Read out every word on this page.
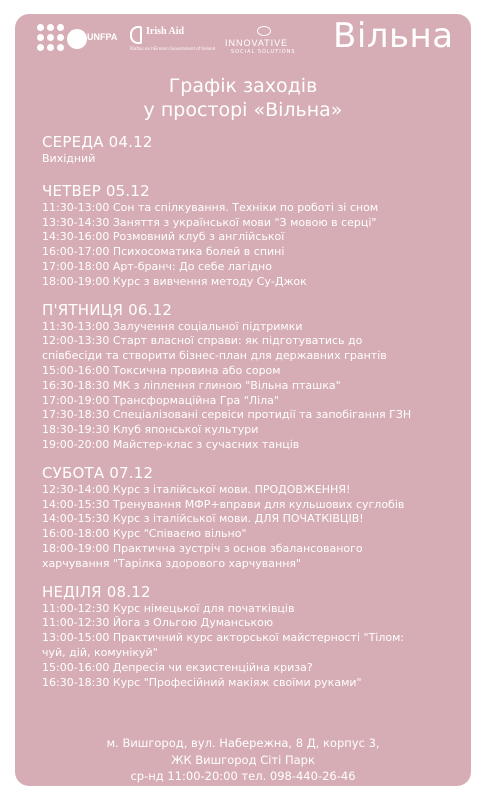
UNFPA	Irish Aid
Rialtas na hÉireann Government of Ireland
INNOVATIVE
SOCIAL SOLUTIONS Вільна
Графік заходів
у просторі «Вільна»
СЕРЕДА 04.12
Вихідний
ЧЕТВЕР 05.12
11:30-13:00 Сон та спілкування. Техніки по роботі зі сном
13:30-14:30 Заняття з української мови "З мовою в серці"
14:30-16:00 Розмовний клуб з англійської
16:00-17:00 Психосоматика болей в спині
17:00-18:00 Арт-бранч: До себе лагідно
18:00-19:00 Курс з вивчення методу Су-Джок
П'ЯТНИЦЯ 06.12
11:30-13:00 Залучення соціальної підтримки
12:00-13:30 Старт власної справи: як підготуватись до
співбесіди та створити бізнес-план для державних грантів
15:00-16:00 Токсична провина або сором
16:30-18:30 МК з ліплення глиною "Вільна пташка"
17:00-19:00 Трансформаційна Гра "Ліла"
17:30-18:30 Спеціалізовані сервіси протидії та запобігання ГЗН
18:30-19:30 Клуб японської культури
19:00-20:00 Майстер-клас з сучасних танців
СУБОТА 07.12
12:30-14:00 Курс з італійської мови. ПРОДОВЖЕННЯ!
14:00-15:30 Тренування МФР+вправи для кульшових суглобів
14:00-15:30 Курс з італійської мови. ДЛЯ ПОЧАТКІВЦІВ!
16:00-18:00 Курс "Співаємо вільно"
18:00-19:00 Практична зустріч з основ збалансованого
харчування "Тарілка здорового харчування"
НЕДІЛЯ 08.12
11:00-12:30 Курс німецької для початківців
11:00-12:30 Йога з Ольгою Думанською
13:00-15:00 Практичний курс акторської майстерності "Тілом:
чуй, дій, комунікуй"
15:00-16:00 Депресія чи екзистенційна криза?
16:30-18:30 Курс "Професійний макіяж своїми руками"
м. Вишгород, вул. Набережна, 8 Д, корпус 3,
ЖК Вишгород Сіті Парк
ср-нд 11:00-20:00 тел. 098-440-26-46
